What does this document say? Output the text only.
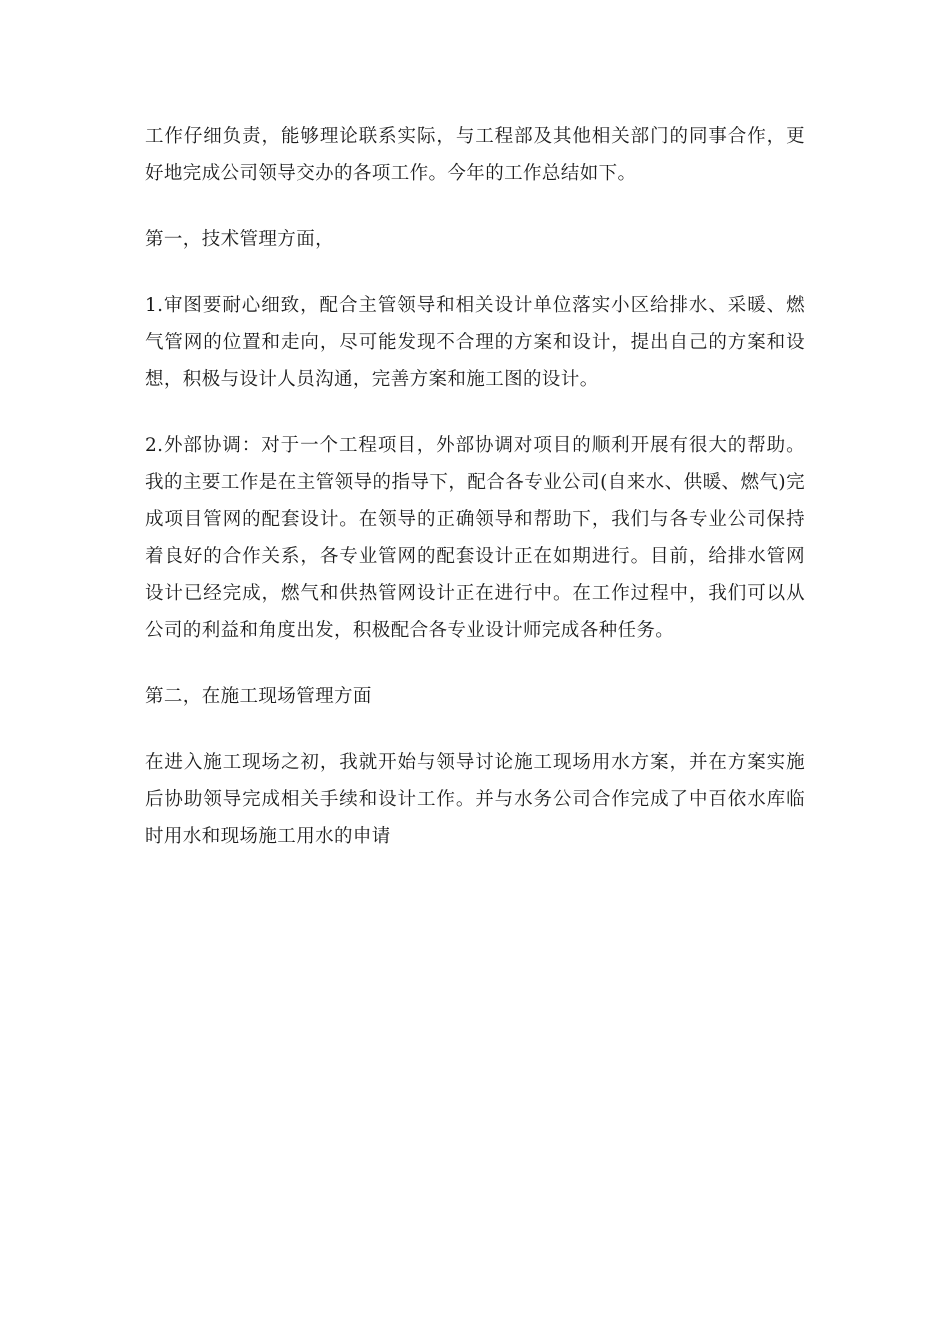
工作仔细负责，能够理论联系实际，与工程部及其他相关部门的同事合作，更好地完成公司领导交办的各项工作。今年的工作总结如下。

第一，技术管理方面，

1.审图要耐心细致，配合主管领导和相关设计单位落实小区给排水、采暖、燃气管网的位置和走向，尽可能发现不合理的方案和设计，提出自己的方案和设想，积极与设计人员沟通，完善方案和施工图的设计。

2.外部协调：对于一个工程项目，外部协调对项目的顺利开展有很大的帮助。我的主要工作是在主管领导的指导下，配合各专业公司(自来水、供暖、燃气)完成项目管网的配套设计。在领导的正确领导和帮助下，我们与各专业公司保持着良好的合作关系，各专业管网的配套设计正在如期进行。目前，给排水管网设计已经完成，燃气和供热管网设计正在进行中。在工作过程中，我们可以从公司的利益和角度出发，积极配合各专业设计师完成各种任务。

第二，在施工现场管理方面

在进入施工现场之初，我就开始与领导讨论施工现场用水方案，并在方案实施后协助领导完成相关手续和设计工作。并与水务公司合作完成了中百依水库临时用水和现场施工用水的申请
